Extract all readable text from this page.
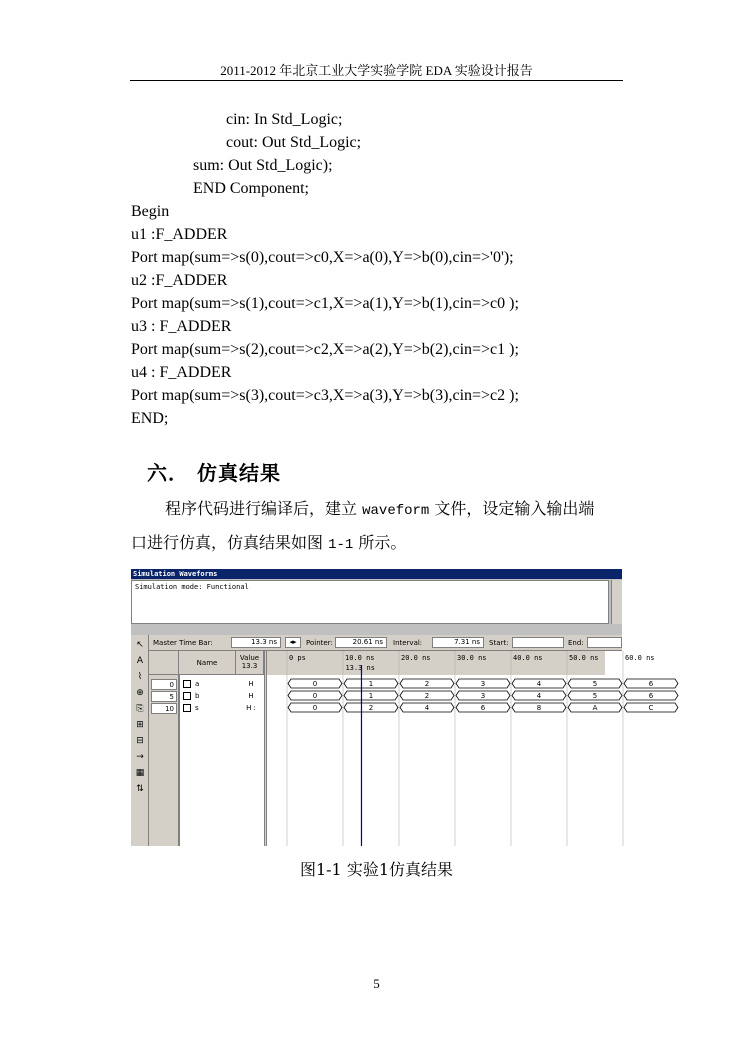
2011-2012 年北京工业大学实验学院 EDA 实验设计报告
cin: In Std_Logic;
cout: Out Std_Logic;
sum: Out Std_Logic);
END Component;
Begin
u1 :F_ADDER
Port map(sum=>s(0),cout=>c0,X=>a(0),Y=>b(0),cin=>'0');
u2 :F_ADDER
Port map(sum=>s(1),cout=>c1,X=>a(1),Y=>b(1),cin=>c0 );
u3 : F_ADDER
Port map(sum=>s(2),cout=>c2,X=>a(2),Y=>b(2),cin=>c1 );
u4 : F_ADDER
Port map(sum=>s(3),cout=>c3,X=>a(3),Y=>b(3),cin=>c2 );
END;
六． 仿真结果
程序代码进行编译后，建立 waveform 文件，设定输入输出端
口进行仿真，仿真结果如图 1-1 所示。
Simulation Waveforms
Simulation mode: Functional
↖
A
⌇
⊕
⎘
⊞
⊟
→
▦
⇅
Master Time Bar:	13.3 ns	◂▸	Pointer:	20.61 ns	Interval:	7.31 ns	Start:	End:
Name
Value
13.3
0	a	H
5	b	H
10	s	H :
0 ps	10.0 ns	20.0 ns	30.0 ns	40.0 ns	50.0 ns	60.0 ns
13.3 ns
0	1	2	3	4	5	6
0	1	2	3	4	5	6
0	2	4	6	8	A	C
图1-1 实验1仿真结果
5
